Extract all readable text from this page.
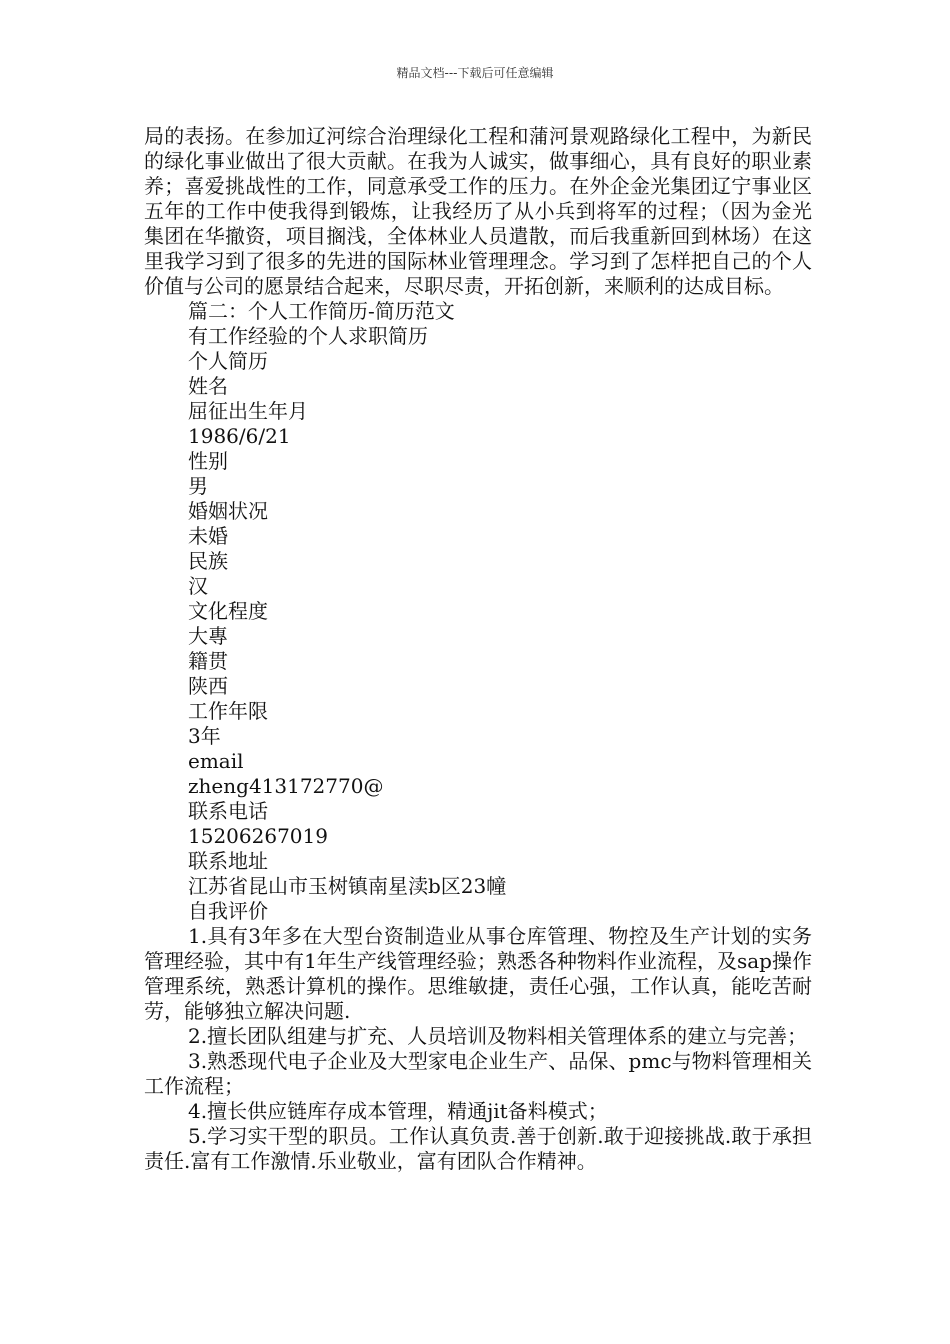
精品文档---下载后可任意编辑

局的表扬。在参加辽河综合治理绿化工程和蒲河景观路绿化工程中，为新民的绿化事业做出了很大贡献。在我为人诚实，做事细心，具有良好的职业素养；喜爱挑战性的工作，同意承受工作的压力。在外企金光集团辽宁事业区五年的工作中使我得到锻炼，让我经历了从小兵到将军的过程；（因为金光集团在华撤资，项目搁浅，全体林业人员遣散，而后我重新回到林场）在这里我学习到了很多的先进的国际林业管理理念。学习到了怎样把自己的个人价值与公司的愿景结合起来，尽职尽责，开拓创新，来顺利的达成目标。

篇二：个人工作简历-简历范文

有工作经验的个人求职简历

个人简历

姓名

屈征出生年月

1986/6/21

性别

男

婚姻状况

未婚

民族

汉

文化程度

大專

籍贯

陕西

工作年限

3年

email

zheng413172770@

联系电话

15206267019

联系地址

江苏省昆山市玉树镇南星渎b区23幢

自我评价

1.具有3年多在大型台资制造业从事仓库管理、物控及生产计划的实务管理经验，其中有1年生产线管理经验；熟悉各种物料作业流程，及sap操作管理系统，熟悉计算机的操作。思维敏捷，责任心强，工作认真，能吃苦耐劳，能够独立解决问题.

2.擅长团队组建与扩充、人员培训及物料相关管理体系的建立与完善；

3.熟悉现代电子企业及大型家电企业生产、品保、pmc与物料管理相关工作流程；

4.擅长供应链库存成本管理，精通jit备料模式；

5.学习实干型的职员。工作认真负责.善于创新.敢于迎接挑战.敢于承担责任.富有工作激情.乐业敬业，富有团队合作精神。
